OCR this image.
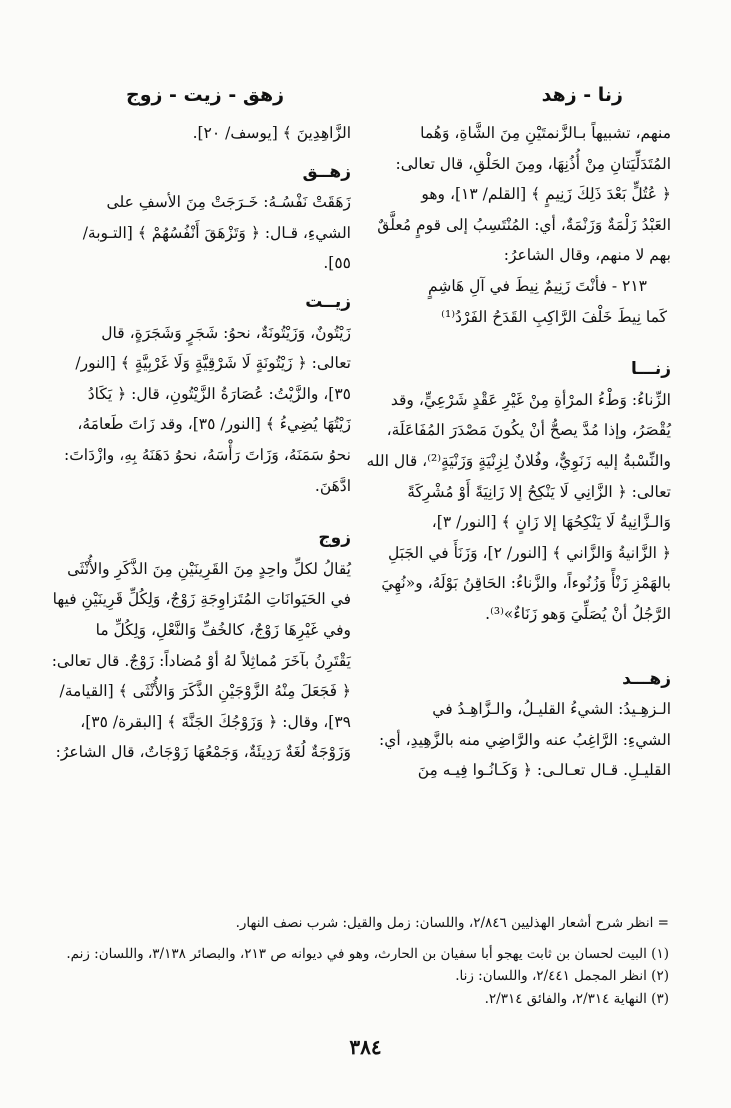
زنا - زهد
زهق - زيت - زوج

منهم، تشبيهاً بـالزَّنمتَيْنِ مِنَ الشَّاةِ، وَهُما

المُتَدَلِّيَتانِ مِنْ أُذُنِهَا، ومِنَ الحَلْقِ، قال تعالى:

﴿ عُتُلٍّ بَعْدَ ذَلِكَ زَنِيمٍ ﴾ [القلم/ ١٣]، وهو

العَبْدُ زَلْمَةٌ وَزَنْمَةٌ، أي: المُنْتَسِبُ إلى قومٍ مُعلَّقٌ

بهم لا منهم، وقال الشاعرُ:

٢١٣ - فأنْتَ زَنِيمٌ نِيطَ في آلِ هَاشِمٍ

كَما نِيطَ خَلْفَ الرَّاكِبِ القَدَحُ الفَرْدُ⁽¹⁾

زنـــا

الزِّناءُ: وَطْءُ المرْأةِ مِنْ غَيْرِ عَقْدٍ شَرْعِيٍّ، وقد

يُقْصَرُ، وإذا مُدَّ يصحُّ أنْ يكُونَ مَصْدَرَ المُفَاعَلَة،

والنِّسْبةُ إليه زَنَوِيٌّ، وفُلانٌ لِزِنْيَةٍ وَزَنْيَةٍ⁽²⁾، قال الله

تعالى: ﴿ الزَّانِي لَا يَنْكِحُ إلا زَانِيَةً أَوْ مُشْرِكَةً

وَالـزَّانِيةُ لَا يَنْكِحُهَا إلا زَانٍ ﴾ [النور/ ٣]،

﴿ الزَّانيةُ وَالزَّاني ﴾ [النور/ ٢]، وَزَنَأَ في الجَبَلِ

بالهَمْزِ زَنْأً وَزُنُوءاً، والزَّناءُ: الحَاقِنُ بَوْلَهُ، و«نُهِيَ

الرَّجُلُ أنْ يُصَلِّيَ وَهو زَنَاءٌ»⁽³⁾.

زهـــد

الـزهِـيدُ: الشيءُ القليـلُ، والـزَّاهِـدُ في

الشيءِ: الرَّاغِبُ عنه والرَّاضِي منه بالزَّهِيدِ، أي:

القليـلِ. قـال تعـالـى: ﴿ وَكَـانُـوا فِيـه مِنَ

الزَّاهِدِينَ ﴾ [يوسف/ ٢٠].

زهــق

زَهَقَتْ نَفْسُـهُ: خَـرَجَتْ مِنَ الأسفِ على

الشيءِ، قـال: ﴿ وَتَزْهَقَ أَنْفُسُهُمْ ﴾ [التـوبة/

٥٥].

زيــت

زَيْتُونٌ، وَزَيْتُونَةٌ، نحوُ: شَجَرٍ وَشَجَرَةٍ، قال

تعالى: ﴿ زَيْتُونَةٍ لَا شَرْقِيَّةٍ وَلَا غَرْبِيَّةٍ ﴾ [النور/

٣٥]، والزَّيْتُ: عُصَارَةُ الزَّيْتُونِ، قال: ﴿ يَكَادُ

زَيْتُهَا يُضِيءُ ﴾ [النور/ ٣٥]، وقد زَاتَ طَعامَهُ،

نحوُ سَمَنَهُ، وَزَاتَ رَأْسَهُ، نحوُ دَهَنَهُ بِهِ، وازْدَاتَ:

ادَّهَنَ.

زوج

يُقالُ لكلِّ واحِدٍ مِنَ القَرِينَيْنِ مِنَ الذَّكَرِ والأُنْثَى

في الحَيَوانَاتِ المُتَزاوِجَةِ زَوْجٌ، وَلِكُلِّ قَرِينَيْنِ فيها

وفي غَيْرِهَا زَوْجٌ، كالخُفِّ وَالنَّعْلِ، وَلِكُلِّ ما

يَقْتَرِنُ بآخَرَ مُماثِلاً لهُ أوْ مُضاداً: زَوْجٌ. قال تعالى:

﴿ فَجَعَلَ مِنْهُ الزَّوْجَيْنِ الذَّكَرَ وَالأُنْثَى ﴾ [القيامة/

٣٩]، وقال: ﴿ وَزَوْجُكَ الجَنَّةَ ﴾ [البقرة/ ٣٥]،

وَزَوْجَةٌ لُغَةٌ رَدِيئَةٌ، وَجَمْعُهَا زَوْجَاتٌ، قال الشاعرُ:

= انظر شرح أشعار الهذليين ٢/٨٤٦، واللسان: زمل والقيل: شرب نصف النهار.

(١) البيت لحسان بن ثابت يهجو أبا سفيان بن الحارث، وهو في ديوانه ص ٢١٣، والبصائر ٣/١٣٨، واللسان: زنم.

(٢) انظر المجمل ٢/٤٤١، واللسان: زنا.

(٣) النهاية ٢/٣١٤، والفائق ٢/٣١٤.

٣٨٤
